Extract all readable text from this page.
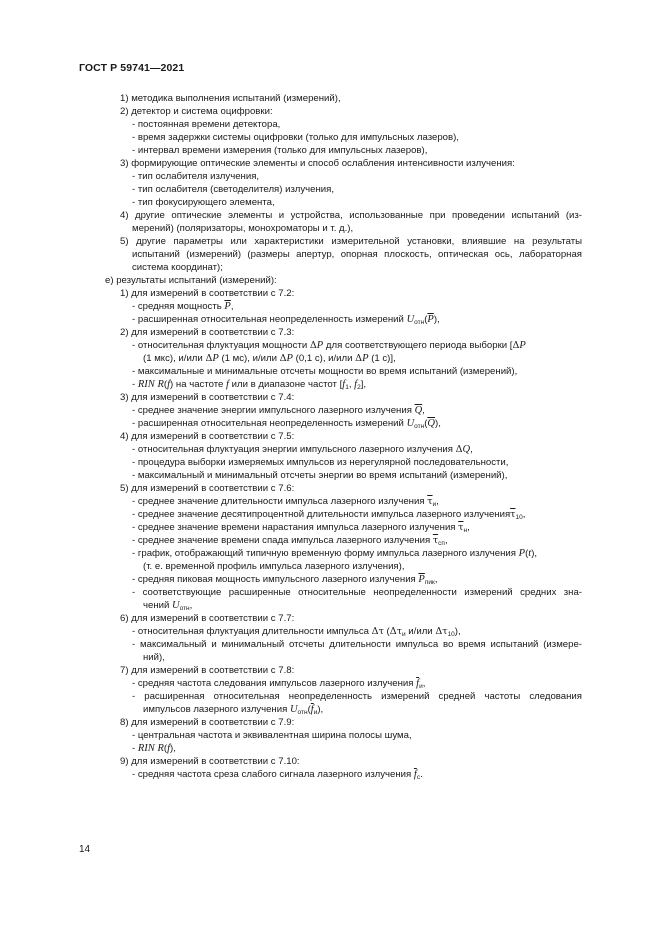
ГОСТ Р 59741—2021
1) методика выполнения испытаний (измерений),
2) детектор и система оцифровки:
- постоянная времени детектора,
- время задержки системы оцифровки (только для импульсных лазеров),
- интервал времени измерения (только для импульсных лазеров),
3) формирующие оптические элементы и способ ослабления интенсивности излучения:
- тип ослабителя излучения,
- тип ослабителя (светоделителя) излучения,
- тип фокусирующего элемента,
4) другие оптические элементы и устройства, использованные при проведении испытаний (из-
мерений) (поляризаторы, монохроматоры и т. д.),
5) другие параметры или характеристики измерительной установки, влиявшие на результаты
испытаний (измерений) (размеры апертур, опорная плоскость, оптическая ось, лабораторная
система координат);
е) результаты испытаний (измерений):
1) для измерений в соответствии с 7.2:
- средняя мощность $\overline{P}$,
- расширенная относительная неопределенность измерений $U_{отн}(\overline{P})$,
2) для измерений в соответствии с 7.3:
- относительная флуктуация мощности ΔP для соответствующего периода выборки [ΔP
(1 мкс), и/или ΔP (1 мс), и/или ΔP (0,1 с), и/или ΔP (1 с)],
- максимальные и минимальные отсчеты мощности во время испытаний (измерений),
- RIN R(f) на частоте f или в диапазоне частот [$f_1$, $f_2$],
3) для измерений в соответствии с 7.4:
- среднее значение энергии импульсного лазерного излучения $\overline{Q}$,
- расширенная относительная неопределенность измерений $U_{отн}(\overline{Q})$,
4) для измерений в соответствии с 7.5:
- относительная флуктуация энергии импульсного лазерного излучения ΔQ,
- процедура выборки измеряемых импульсов из нерегулярной последовательности,
- максимальный и минимальный отсчеты энергии во время испытаний (измерений),
5) для измерений в соответствии с 7.6:
- среднее значение длительности импульса лазерного излучения $\overline{\tau}_и$,
- среднее значение десятипроцентной длительности импульса лазерного $излучения\overline{\tau}_{10}$,
- среднее значение времени нарастания импульса лазерного излучения $\overline{\tau}_н$,
- среднее значение времени спада импульса лазерного излучения $\overline{\tau}_{сп}$,
- график, отображающий типичную временную форму импульса лазерного излучения P(t),
(т. е. временной профиль импульса лазерного излучения),
- средняя пиковая мощность импульсного лазерного излучения $\overline{P}_{пик}$,
- соответствующие расширенные относительные неопределенности измерений средних зна-
чений $U_{отн}$,
6) для измерений в соответствии с 7.7:
- относительная флуктуация длительности импульса Δτ ($\Delta\tau_и$ и/или $\Delta\tau_{10}$),
- максимальный и минимальный отсчеты длительности импульса во время испытаний (измере-
ний),
7) для измерений в соответствии с 7.8:
- средняя частота следования импульсов лазерного излучения $\overline{f}_и$,
- расширенная относительная неопределенность измерений средней частоты следования
импульсов лазерного излучения $U_{отн}(\overline{f}_и)$,
8) для измерений в соответствии с 7.9:
- центральная частота и эквивалентная ширина полосы шума,
- RIN R(f),
9) для измерений в соответствии с 7.10:
- средняя частота среза слабого сигнала лазерного излучения $\overline{f}_с$.
14
